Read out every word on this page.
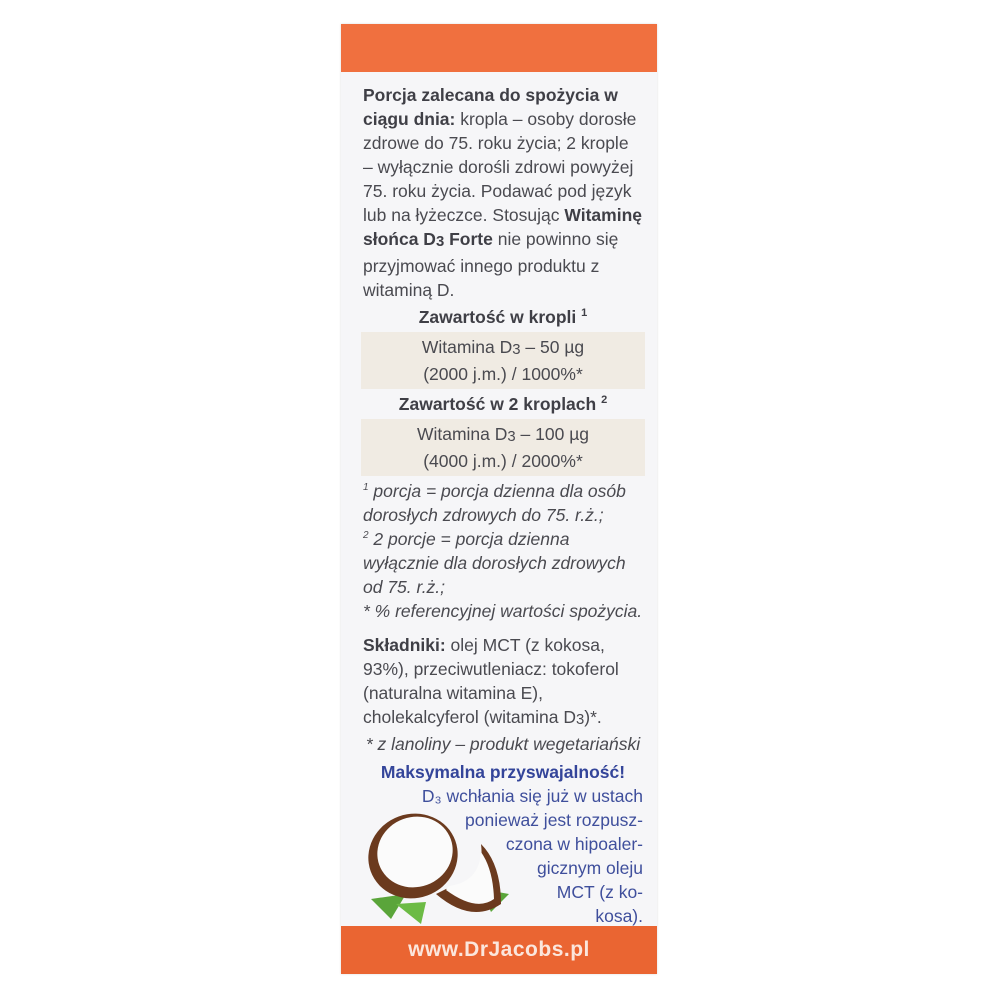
Porcja zalecana do spożycia w ciągu dnia: kropla – osoby dorosłe zdrowe do 75. roku życia; 2 krople – wyłącznie dorośli zdrowi powyżej 75. roku życia. Podawać pod język lub na łyżeczce. Stosując Witaminę słońca D3 Forte nie powinno się przyjmować innego produktu z witaminą D.

Zawartość w kropli $^1$
Witamina D3 – 50 µg
(2000 j.m.) / 1000%*
Zawartość w 2 kroplach $^2$
Witamina D3 – 100 µg
(4000 j.m.) / 2000%*
$^1$ porcja = porcja dzienna dla osób dorosłych zdrowych do 75. r.ż.;
$^2$ 2 porcje = porcja dzienna wyłącznie dla dorosłych zdrowych od 75. r.ż.;
* % referencyjnej wartości spożycia.

Składniki: olej MCT (z kokosa, 93%), przeciwutleniacz: tokoferol (naturalna witamina E), cholekalcyferol (witamina D3)*.

* z lanoliny – produkt wegetariański
Maksymalna przyswajalność!
D₃ wchłania się już w ustach
ponieważ jest rozpusz-
czona w hipoaler-
gicznym oleju
MCT (z ko-
kosa).
www.DrJacobs.pl
